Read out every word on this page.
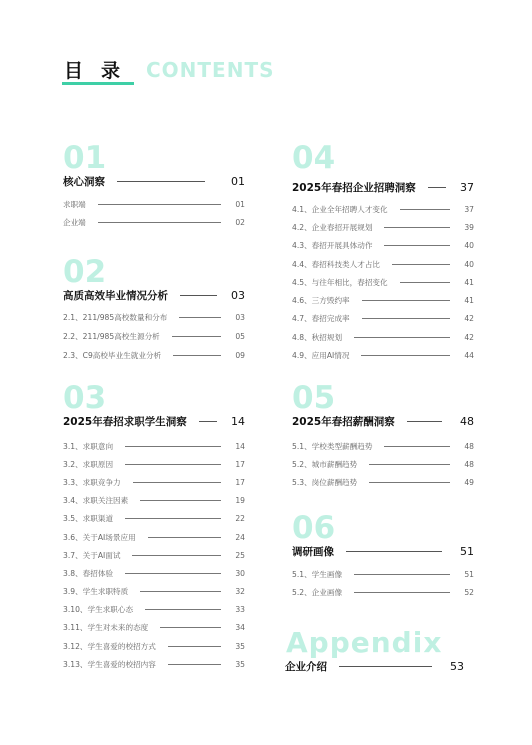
目录 CONTENTS
01
核心洞察	01
求职端	01
企业端	02
02
高质高效毕业情况分析	03
2.1、211/985高校数量和分布	03
2.2、211/985高校生源分析	05
2.3、C9高校毕业生就业分析	09
03
2025年春招求职学生洞察	14
3.1、求职意向	14
3.2、求职原因	17
3.3、求职竞争力	17
3.4、求职关注因素	19
3.5、求职渠道	22
3.6、关于AI场景应用	24
3.7、关于AI面试	25
3.8、春招体验	30
3.9、学生求职特质	32
3.10、学生求职心态	33
3.11、学生对未来的态度	34
3.12、学生喜爱的校招方式	35
3.13、学生喜爱的校招内容	35
04
2025年春招企业招聘洞察	37
4.1、企业全年招聘人才变化	37
4.2、企业春招开展规划	39
4.3、春招开展具体动作	40
4.4、春招科技类人才占比	40
4.5、与往年相比，春招变化	41
4.6、三方毁约率	41
4.7、春招完成率	42
4.8、秋招规划	42
4.9、应用AI情况	44
05
2025年春招薪酬洞察	48
5.1、学校类型薪酬趋势	48
5.2、城市薪酬趋势	48
5.3、岗位薪酬趋势	49
06
调研画像	51
5.1、学生画像	51
5.2、企业画像	52
Appendix
企业介绍	53
